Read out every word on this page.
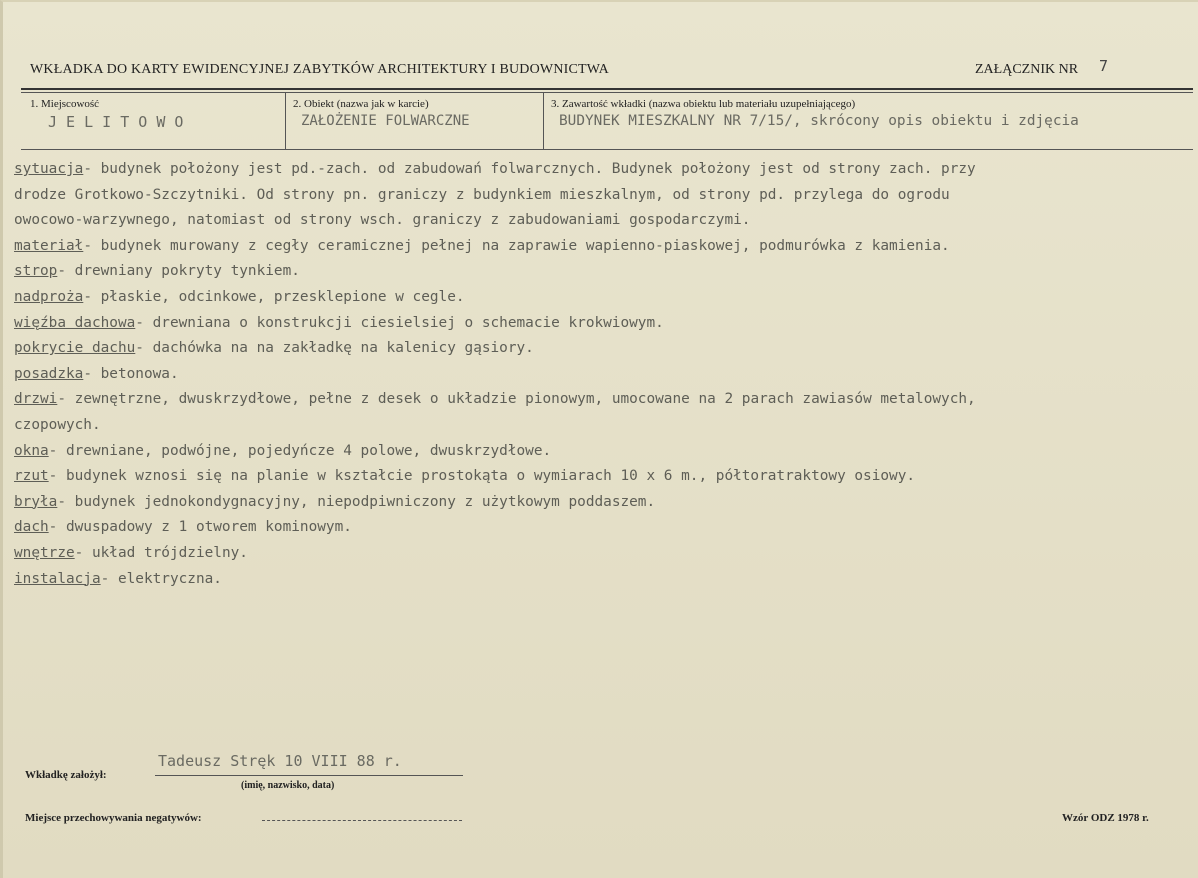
WKŁADKA DO KARTY EWIDENCYJNEJ ZABYTKÓW ARCHITEKTURY I BUDOWNICTWA	ZAŁĄCZNIK NR 7
1. Miejscowość
J E L I T O W O
2. Obiekt (nazwa jak w karcie)
ZAŁOŻENIE FOLWARCZNE
3. Zawartość wkładki (nazwa obiektu lub materiału uzupełniającego)
BUDYNEK MIESZKALNY NR 7/15/, skrócony opis obiektu i zdjęcia

sytuacja- budynek położony jest pd.-zach. od zabudowań folwarcznych. Budynek położony jest od strony zach. przy

drodze Grotkowo-Szczytniki. Od strony pn. graniczy z budynkiem mieszkalnym, od strony pd. przylega do ogrodu

owocowo-warzywnego, natomiast od strony wsch. graniczy z zabudowaniami gospodarczymi.

materiał- budynek murowany z cegły ceramicznej pełnej na zaprawie wapienno-piaskowej, podmurówka z kamienia.

strop- drewniany pokryty tynkiem.

nadproża- płaskie, odcinkowe, przesklepione w cegle.

więźba dachowa- drewniana o konstrukcji ciesielsiej o schemacie krokwiowym.

pokrycie dachu- dachówka na na zakładkę na kalenicy gąsiory.

posadzka- betonowa.

drzwi- zewnętrzne, dwuskrzydłowe, pełne z desek o układzie pionowym, umocowane na 2 parach zawiasów metalowych,

czopowych.

okna- drewniane, podwójne, pojedyńcze 4 polowe, dwuskrzydłowe.

rzut- budynek wznosi się na planie w kształcie prostokąta o wymiarach 10 x 6 m., półtoratraktowy osiowy.

bryła- budynek jednokondygnacyjny, niepodpiwniczony z użytkowym poddaszem.

dach- dwuspadowy z 1 otworem kominowym.

wnętrze- układ trójdzielny.

instalacja- elektryczna.

Wkładkę założył:
Tadeusz Stręk 10 VIII 88 r.
(imię, nazwisko, data)
Miejsce przechowywania negatywów:	Wzór ODZ 1978 r.
